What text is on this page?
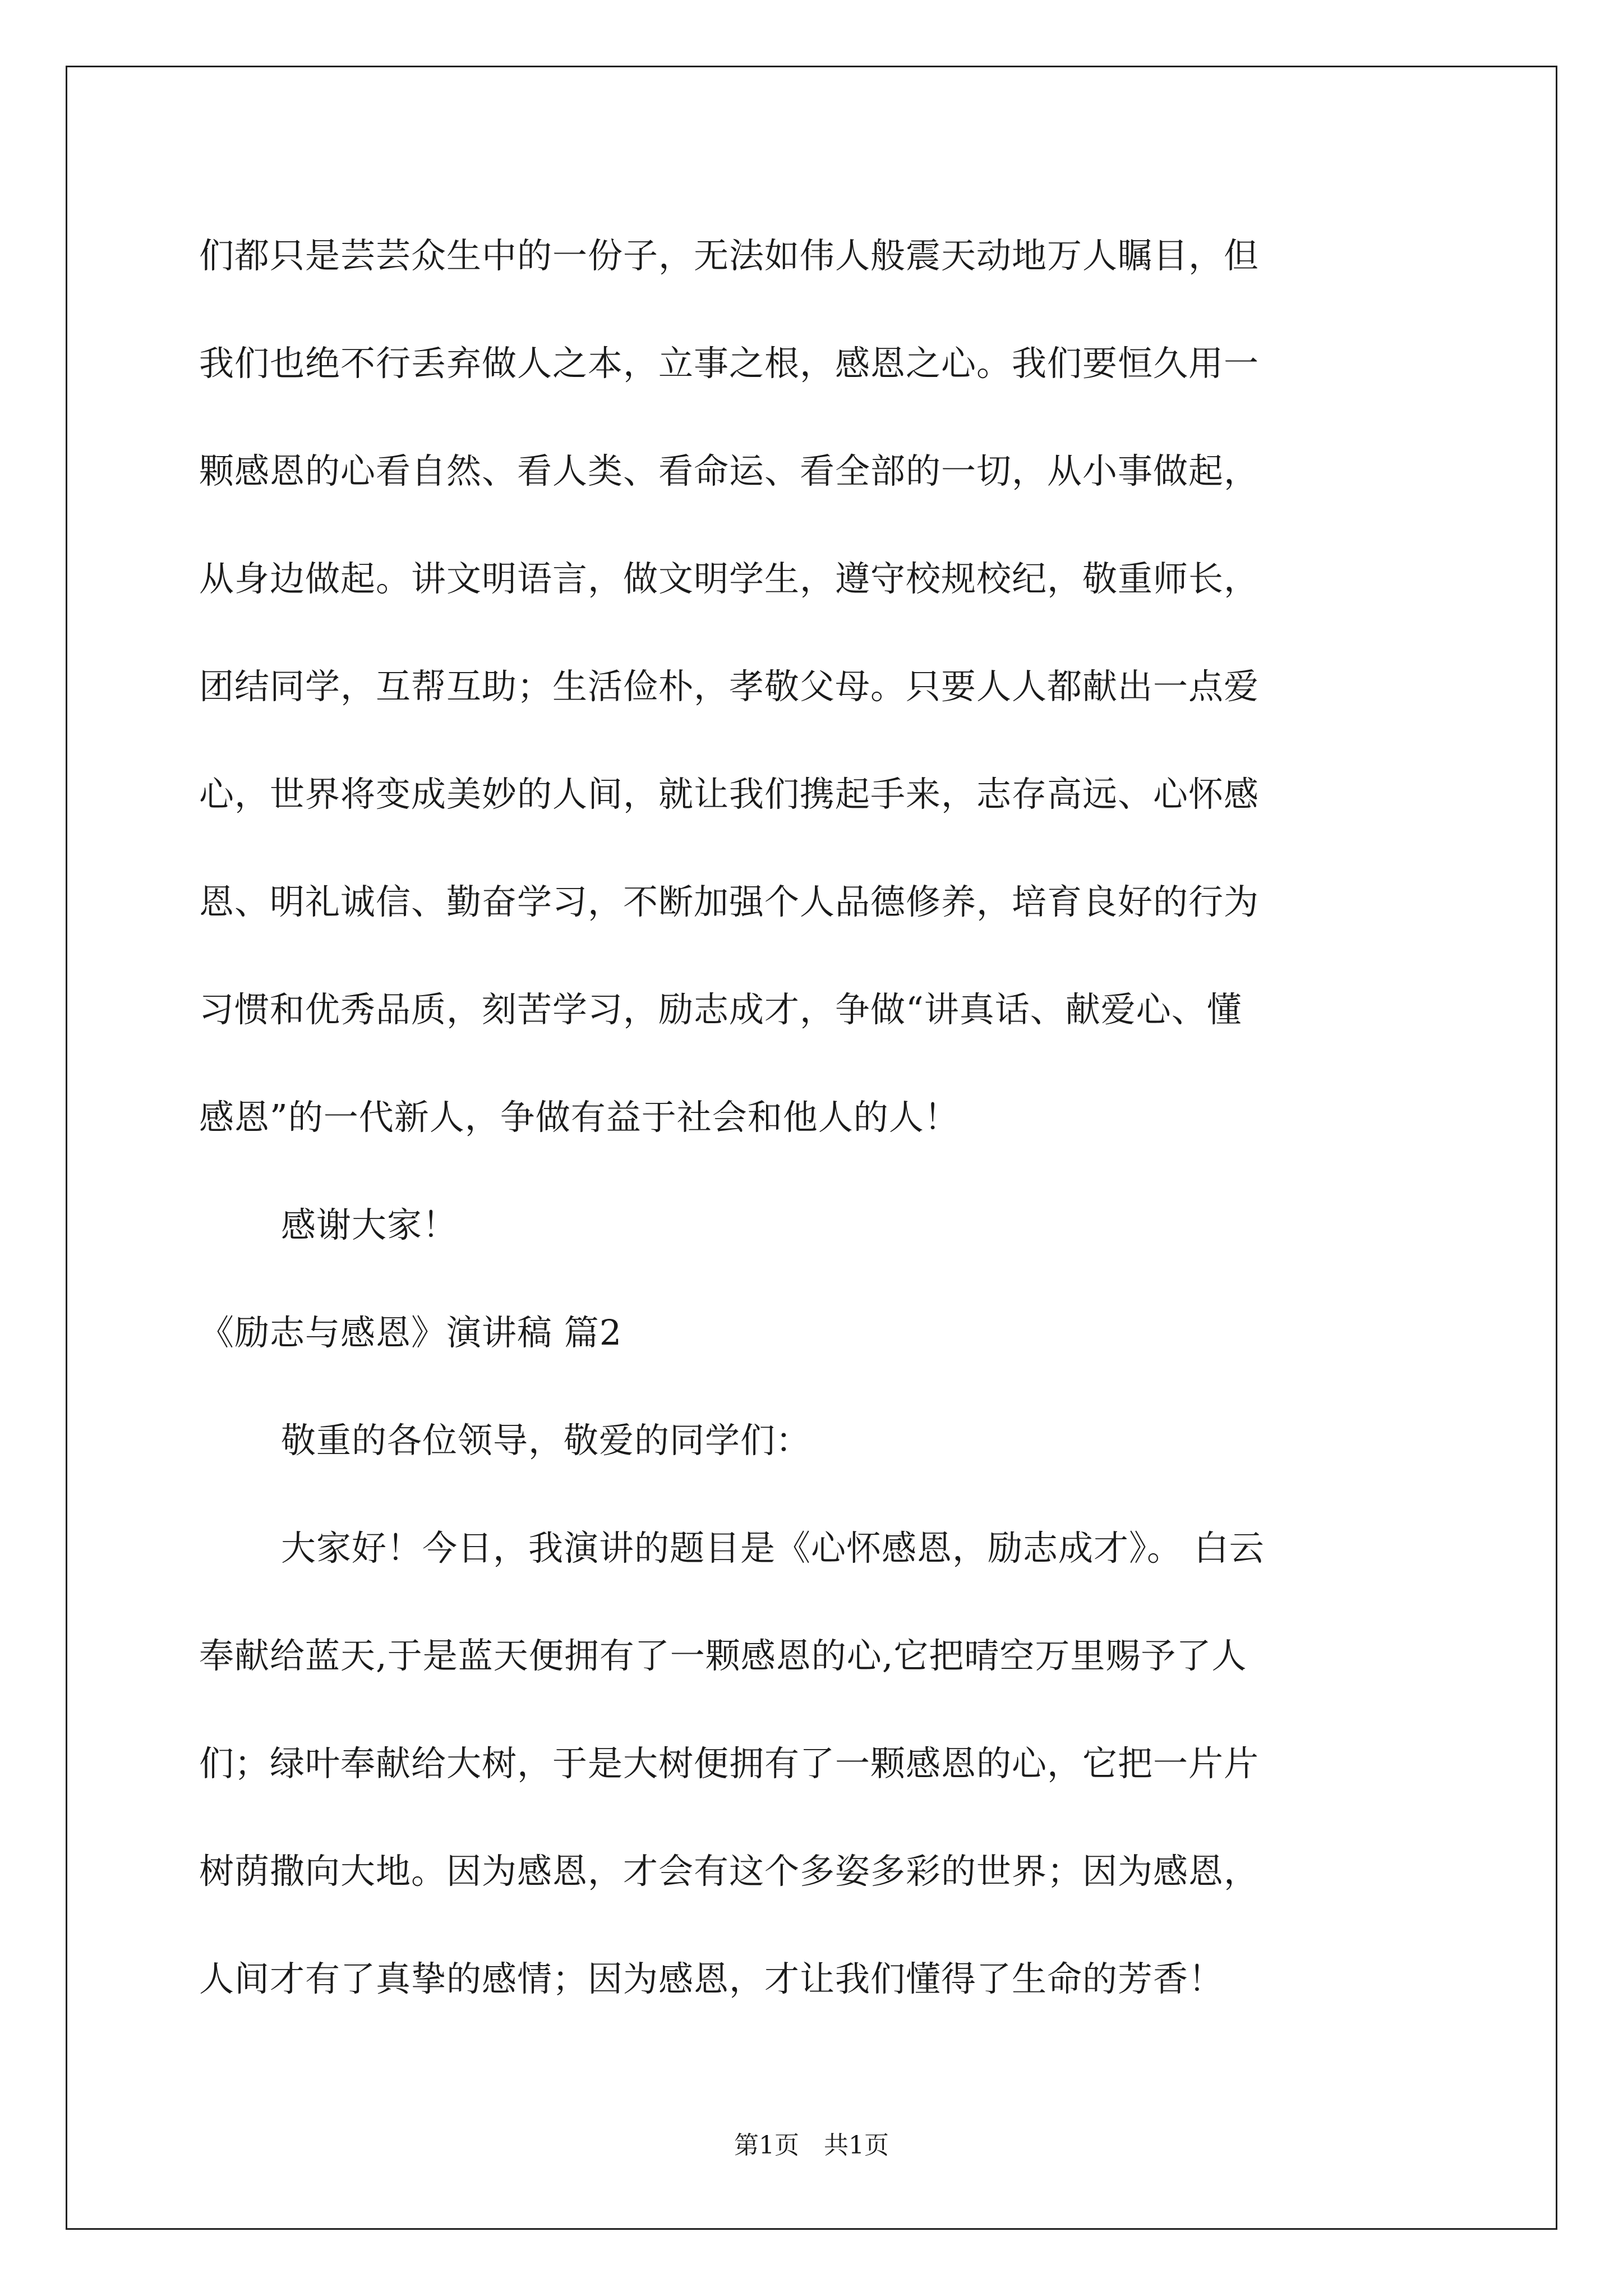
们都只是芸芸众生中的一份子，无法如伟人般震天动地万人瞩目，但
我们也绝不行丢弃做人之本，立事之根，感恩之心。我们要恒久用一
颗感恩的心看自然、看人类、看命运、看全部的一切，从小事做起，
从身边做起。讲文明语言，做文明学生，遵守校规校纪，敬重师长，
团结同学，互帮互助；生活俭朴，孝敬父母。只要人人都献出一点爱
心，世界将变成美妙的人间，就让我们携起手来，志存高远、心怀感
恩、明礼诚信、勤奋学习，不断加强个人品德修养，培育良好的行为
习惯和优秀品质，刻苦学习，励志成才，争做“讲真话、献爱心、懂
感恩”的一代新人，争做有益于社会和他人的人！
感谢大家！
《励志与感恩》演讲稿 篇2
敬重的各位领导，敬爱的同学们：
大家好！今日，我演讲的题目是《心怀感恩，励志成才》。 白云
奉献给蓝天,于是蓝天便拥有了一颗感恩的心,它把晴空万里赐予了人
们；绿叶奉献给大树，于是大树便拥有了一颗感恩的心，它把一片片
树荫撒向大地。因为感恩，才会有这个多姿多彩的世界；因为感恩，
人间才有了真挚的感情；因为感恩，才让我们懂得了生命的芳香！
第1页　共1页
